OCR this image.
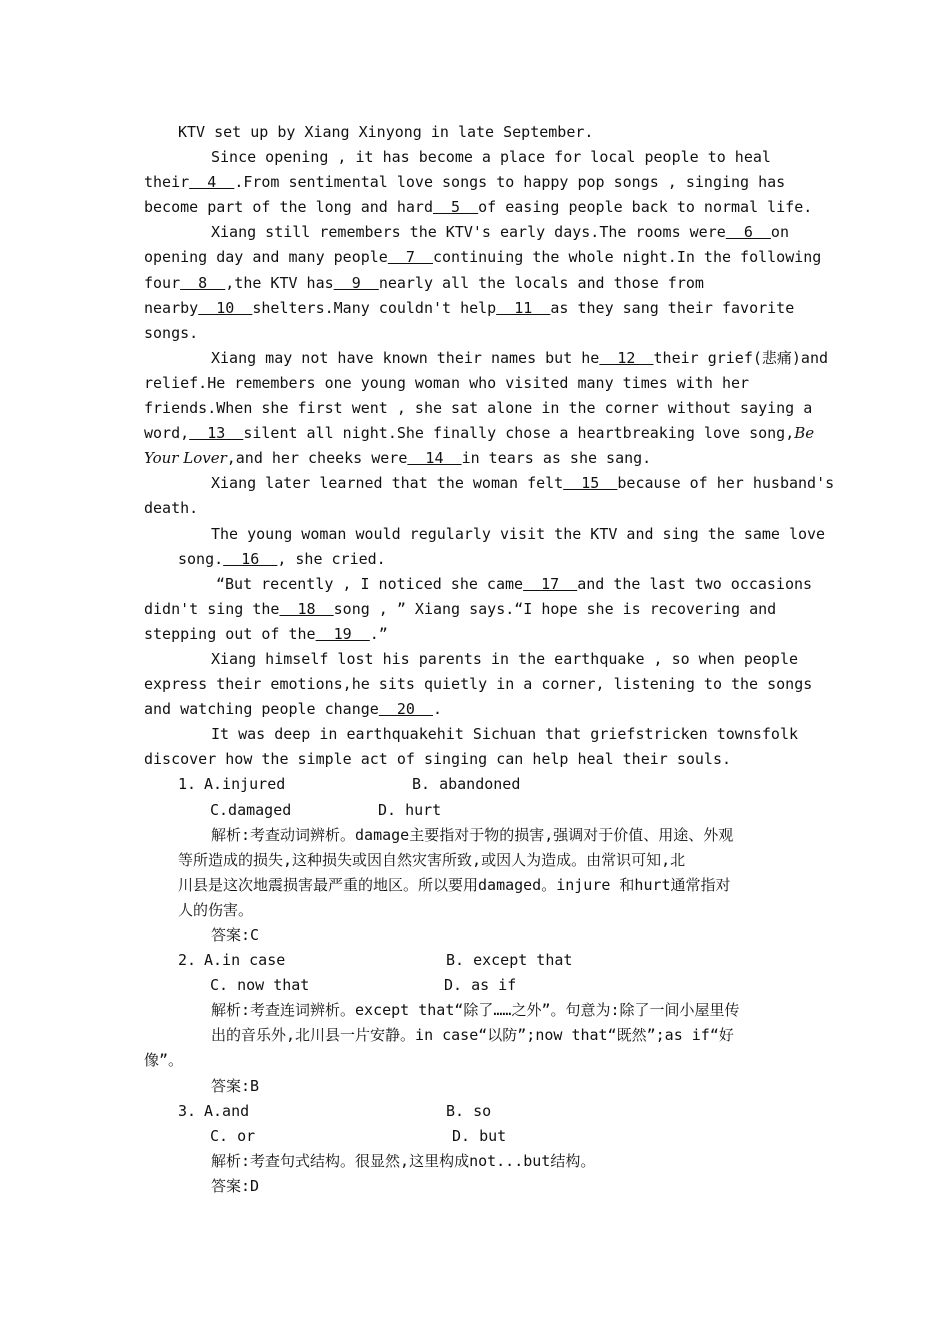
KTV set up by Xiang Xinyong in late September.
Since opening , it has become a place for local people to heal
their  4  .From sentimental love songs to happy pop songs , singing has
become part of the long and hard  5  of easing people back to normal life.
Xiang still remembers the KTV's early days.The rooms were  6  on
opening day and many people  7  continuing the whole night.In the following
four  8  ,the KTV has  9  nearly all the locals and those from
nearby  10  shelters.Many couldn't help  11  as they sang their favorite
songs.
Xiang may not have known their names but he  12  their grief(悲痛)and
relief.He remembers one young woman who visited many times with her
friends.When she first went , she sat alone in the corner without saying a
word,  13  silent all night.She finally chose a heartbreaking love song,Be
Your Lover,and her cheeks were  14  in tears as she sang.
Xiang later learned that the woman felt  15  because of her husband's
death.
The young woman would regularly visit the KTV and sing the same love
song.  16  , she cried.
“But recently , I noticed she came  17  and the last two occasions
didn't sing the  18  song , ” Xiang says.“I hope she is recovering and
stepping out of the  19  .”
Xiang himself lost his parents in the earthquake , so when people
express their emotions,he sits quietly in a corner, listening to the songs
and watching people change  20  .
It was deep in earthquakehit Sichuan that griefstricken townsfolk
discover how the simple act of singing can help heal their souls.
1. A.injured	B. abandoned
C.damaged	D. hurt
解析:考查动词辨析。damage主要指对于物的损害,强调对于价值、用途、外观
等所造成的损失,这种损失或因自然灾害所致,或因人为造成。由常识可知,北
川县是这次地震损害最严重的地区。所以要用damaged。injure 和hurt通常指对
人的伤害。
答案:C
2. A.in case	B. except that
C. now that	D. as if
解析:考查连词辨析。except that“除了……之外”。句意为:除了一间小屋里传
出的音乐外,北川县一片安静。in case“以防”;now that“既然”;as if“好
像”。
答案:B
3. A.and	B. so
C. or	D. but
解析:考查句式结构。很显然,这里构成not...but结构。
答案:D
